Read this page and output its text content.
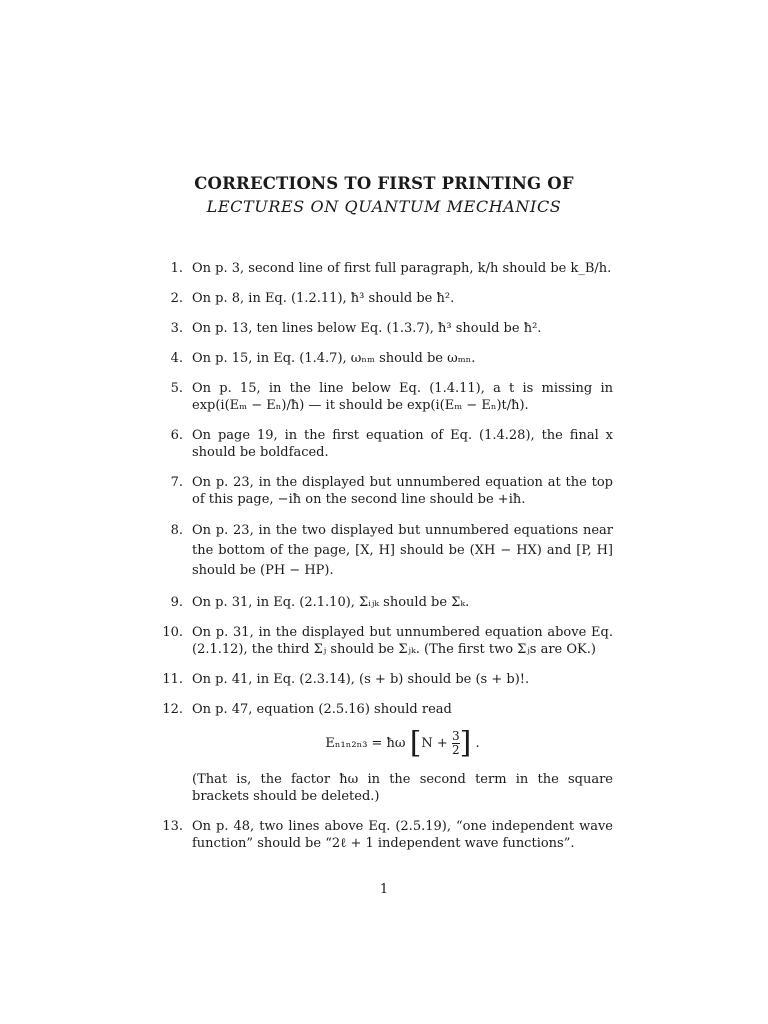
CORRECTIONS TO FIRST PRINTING OF
LECTURES ON QUANTUM MECHANICS
1. On p. 3, second line of first full paragraph, k/h should be k_B/h.
2. On p. 8, in Eq. (1.2.11), ħ³ should be ħ².
3. On p. 13, ten lines below Eq. (1.3.7), ħ³ should be ħ².
4. On p. 15, in Eq. (1.4.7), ωₙₘ should be ωₘₙ.
5. On p. 15, in the line below Eq. (1.4.11), a t is missing in exp(i(Eₘ − Eₙ)/ħ) — it should be exp(i(Eₘ − Eₙ)t/ħ).
6. On page 19, in the first equation of Eq. (1.4.28), the final x should be boldfaced.
7. On p. 23, in the displayed but unnumbered equation at the top of this page, −iħ on the second line should be +iħ.
8. On p. 23, in the two displayed but unnumbered equations near the bottom of the page, [X, H] should be (XH − HX) and [P, H] should be (PH − HP).
9. On p. 31, in Eq. (2.1.10), Σᵢⱼₖ should be Σₖ.
10. On p. 31, in the displayed but unnumbered equation above Eq. (2.1.12), the third Σⱼ should be Σⱼₖ. (The first two Σⱼs are OK.)
11. On p. 41, in Eq. (2.3.14), (s + b) should be (s + b)!.
12. On p. 47, equation (2.5.16) should read
Eₙ₁ₙ₂ₙ₃ = ħω [$N + \frac{3}{2}$ ] .
(That is, the factor ħω in the second term in the square brackets should be deleted.)
13. On p. 48, two lines above Eq. (2.5.19), “one independent wave function” should be “2ℓ + 1 independent wave functions”.
1
